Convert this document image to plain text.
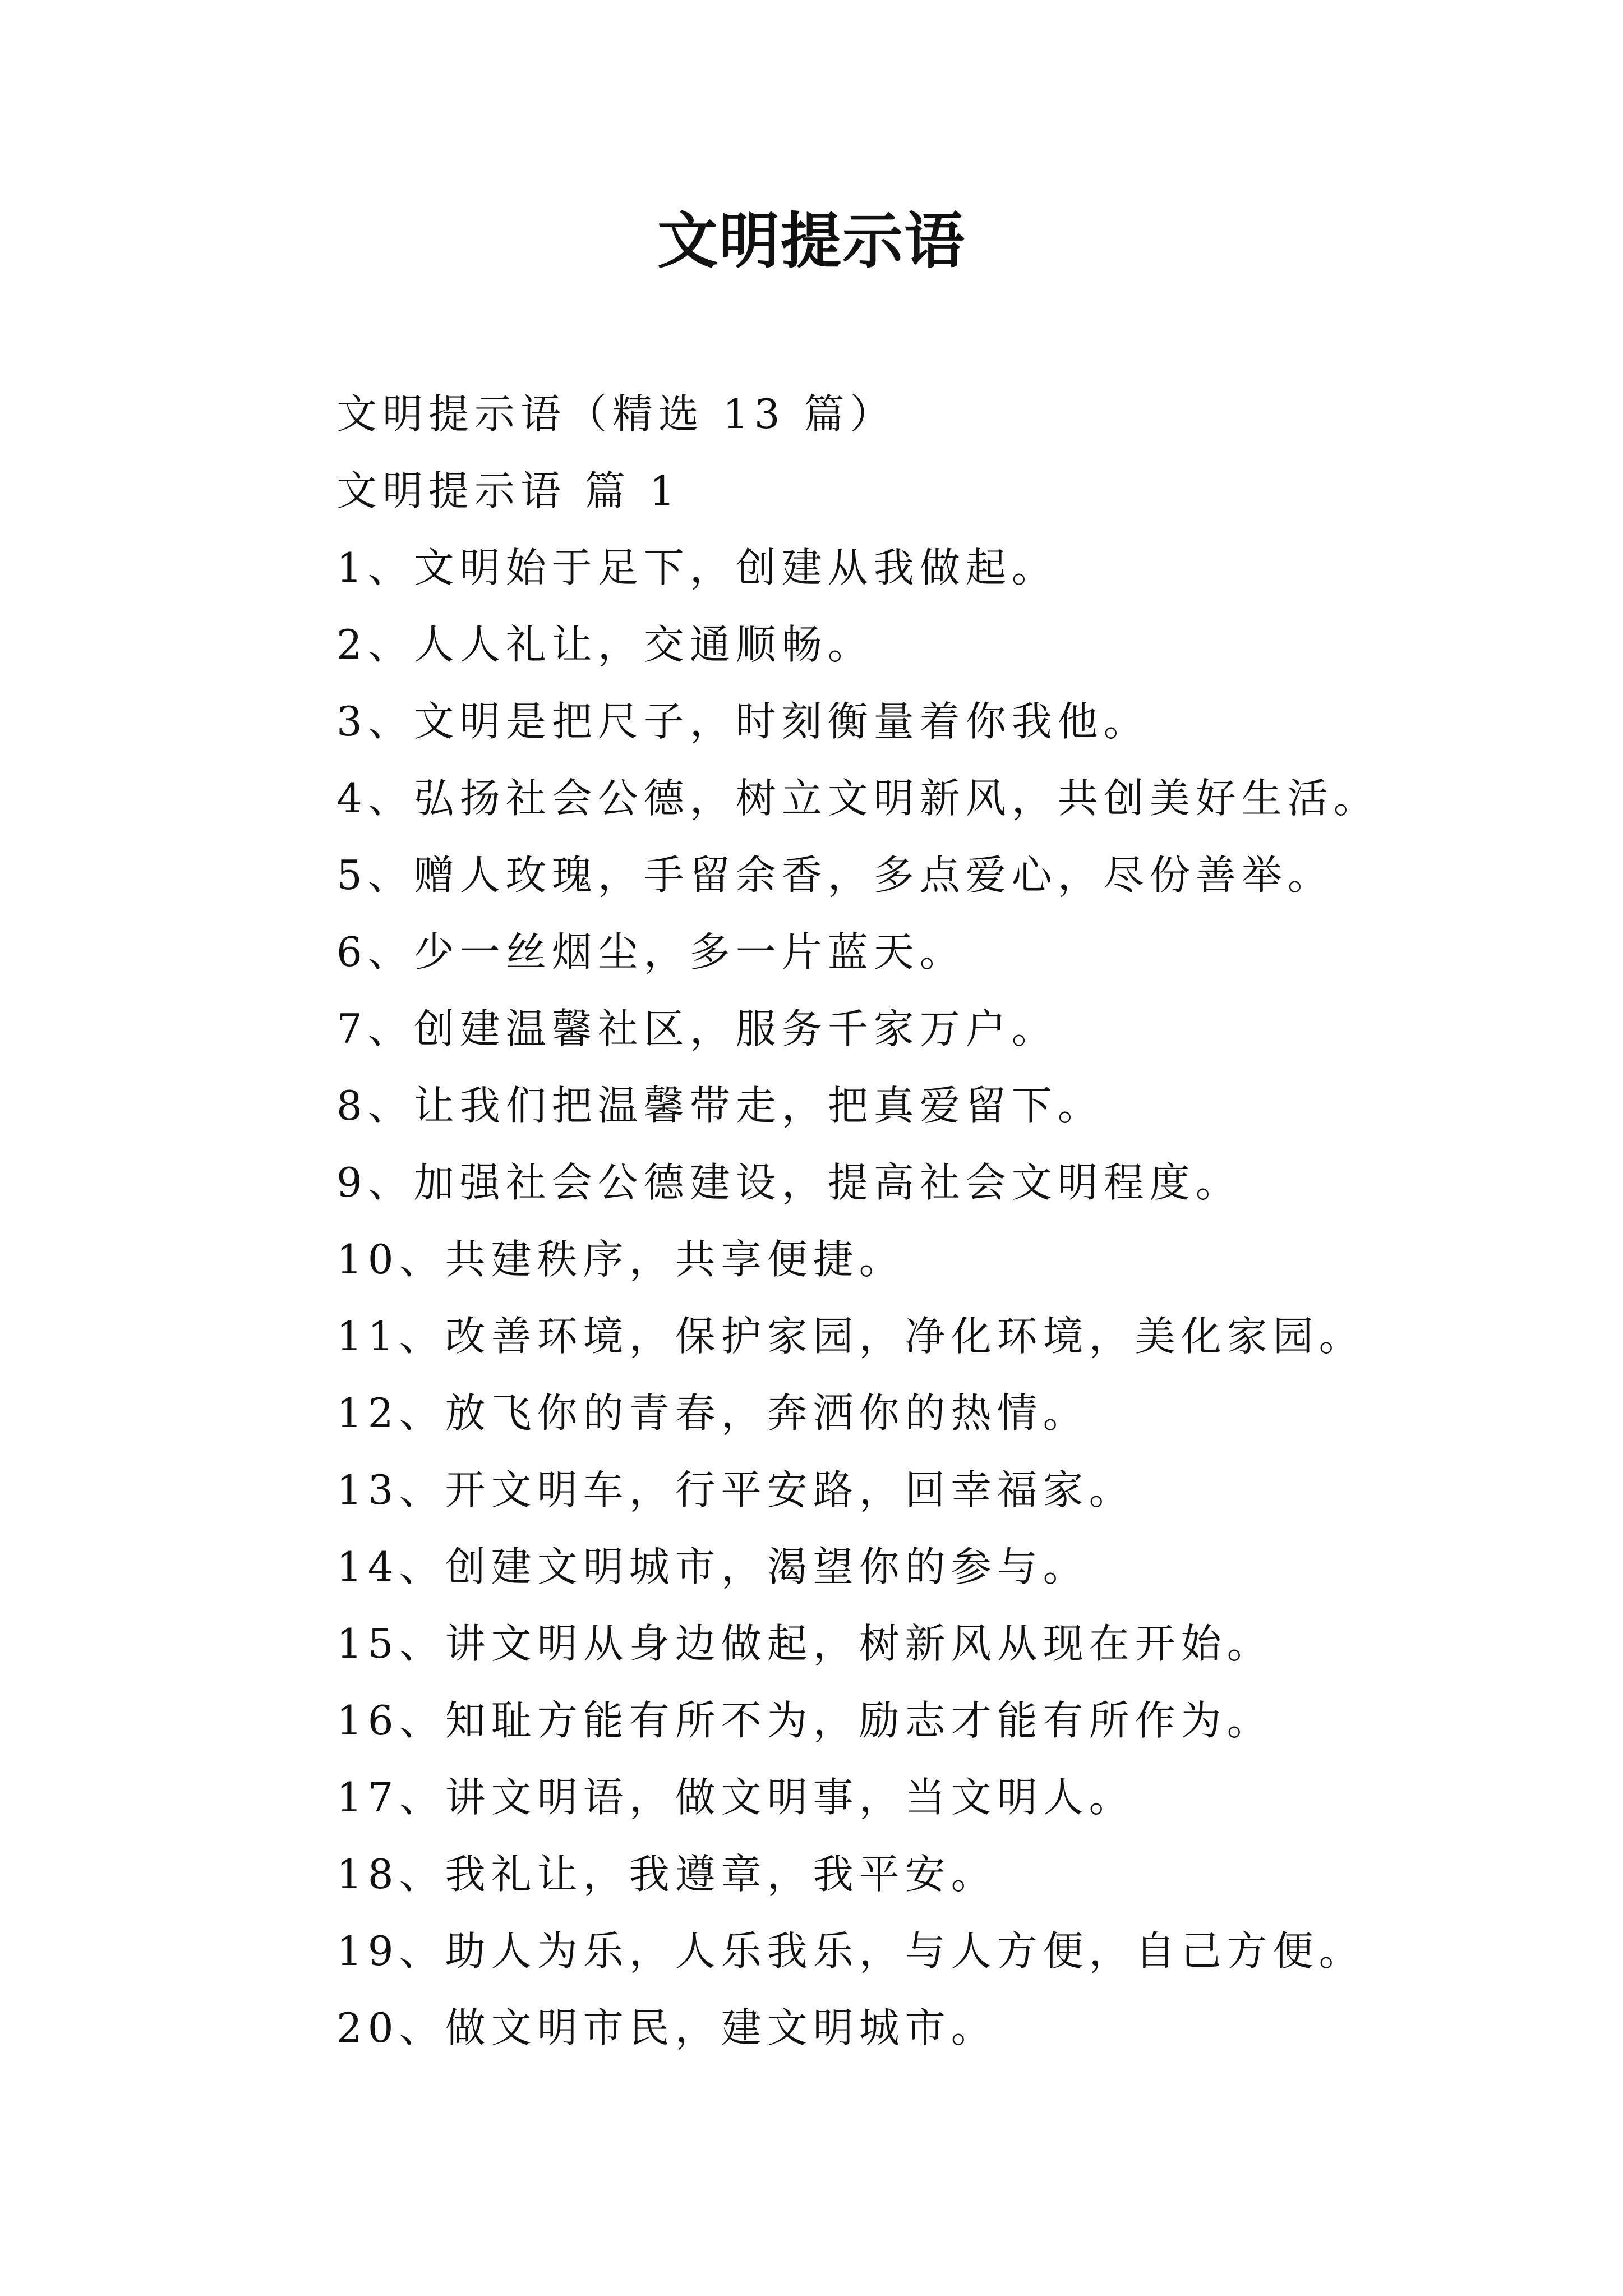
文明提示语
文明提示语（精选 13 篇）
文明提示语 篇 1
1、文明始于足下，创建从我做起。
2、人人礼让，交通顺畅。
3、文明是把尺子，时刻衡量着你我他。
4、弘扬社会公德，树立文明新风，共创美好生活。
5、赠人玫瑰，手留余香，多点爱心，尽份善举。
6、少一丝烟尘，多一片蓝天。
7、创建温馨社区，服务千家万户。
8、让我们把温馨带走，把真爱留下。
9、加强社会公德建设，提高社会文明程度。
10、共建秩序，共享便捷。
11、改善环境，保护家园，净化环境，美化家园。
12、放飞你的青春，奔洒你的热情。
13、开文明车，行平安路，回幸福家。
14、创建文明城市，渴望你的参与。
15、讲文明从身边做起，树新风从现在开始。
16、知耻方能有所不为，励志才能有所作为。
17、讲文明语，做文明事，当文明人。
18、我礼让，我遵章，我平安。
19、助人为乐，人乐我乐，与人方便，自己方便。
20、做文明市民，建文明城市。
